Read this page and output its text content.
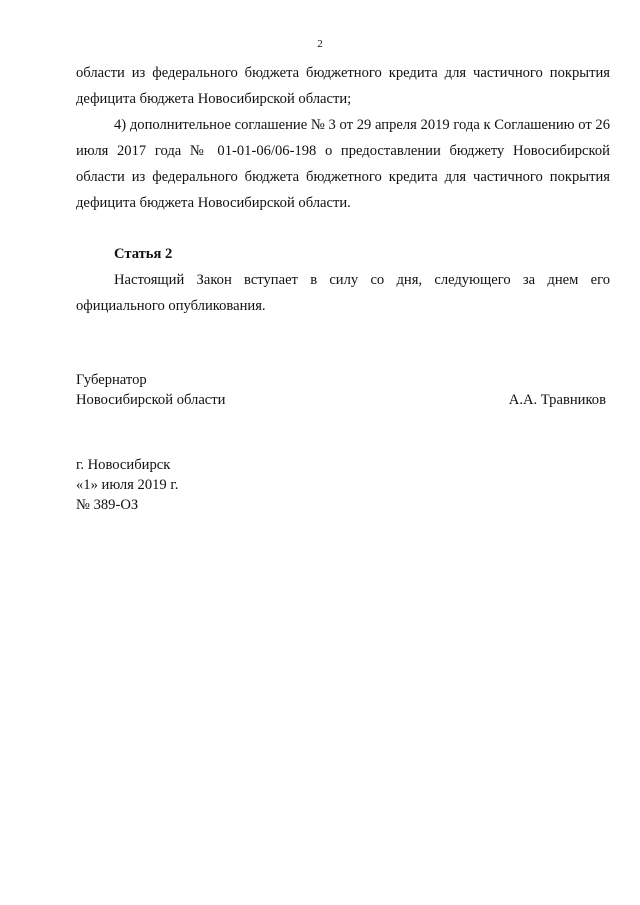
2

области из федерального бюджета бюджетного кредита для частичного покрытия дефицита бюджета Новосибирской области;

4) дополнительное соглашение № 3 от 29 апреля 2019 года к Соглашению от 26 июля 2017 года № 01-01-06/06-198 о предоставлении бюджету Новосибирской области из федерального бюджета бюджетного кредита для частичного покрытия дефицита бюджета Новосибирской области.

Статья 2

Настоящий Закон вступает в силу со дня, следующего за днем его официального опубликования.

Губернатор
Новосибирской области	А.А. Травников
г. Новосибирск
«1» июля 2019 г.
№ 389-ОЗ
